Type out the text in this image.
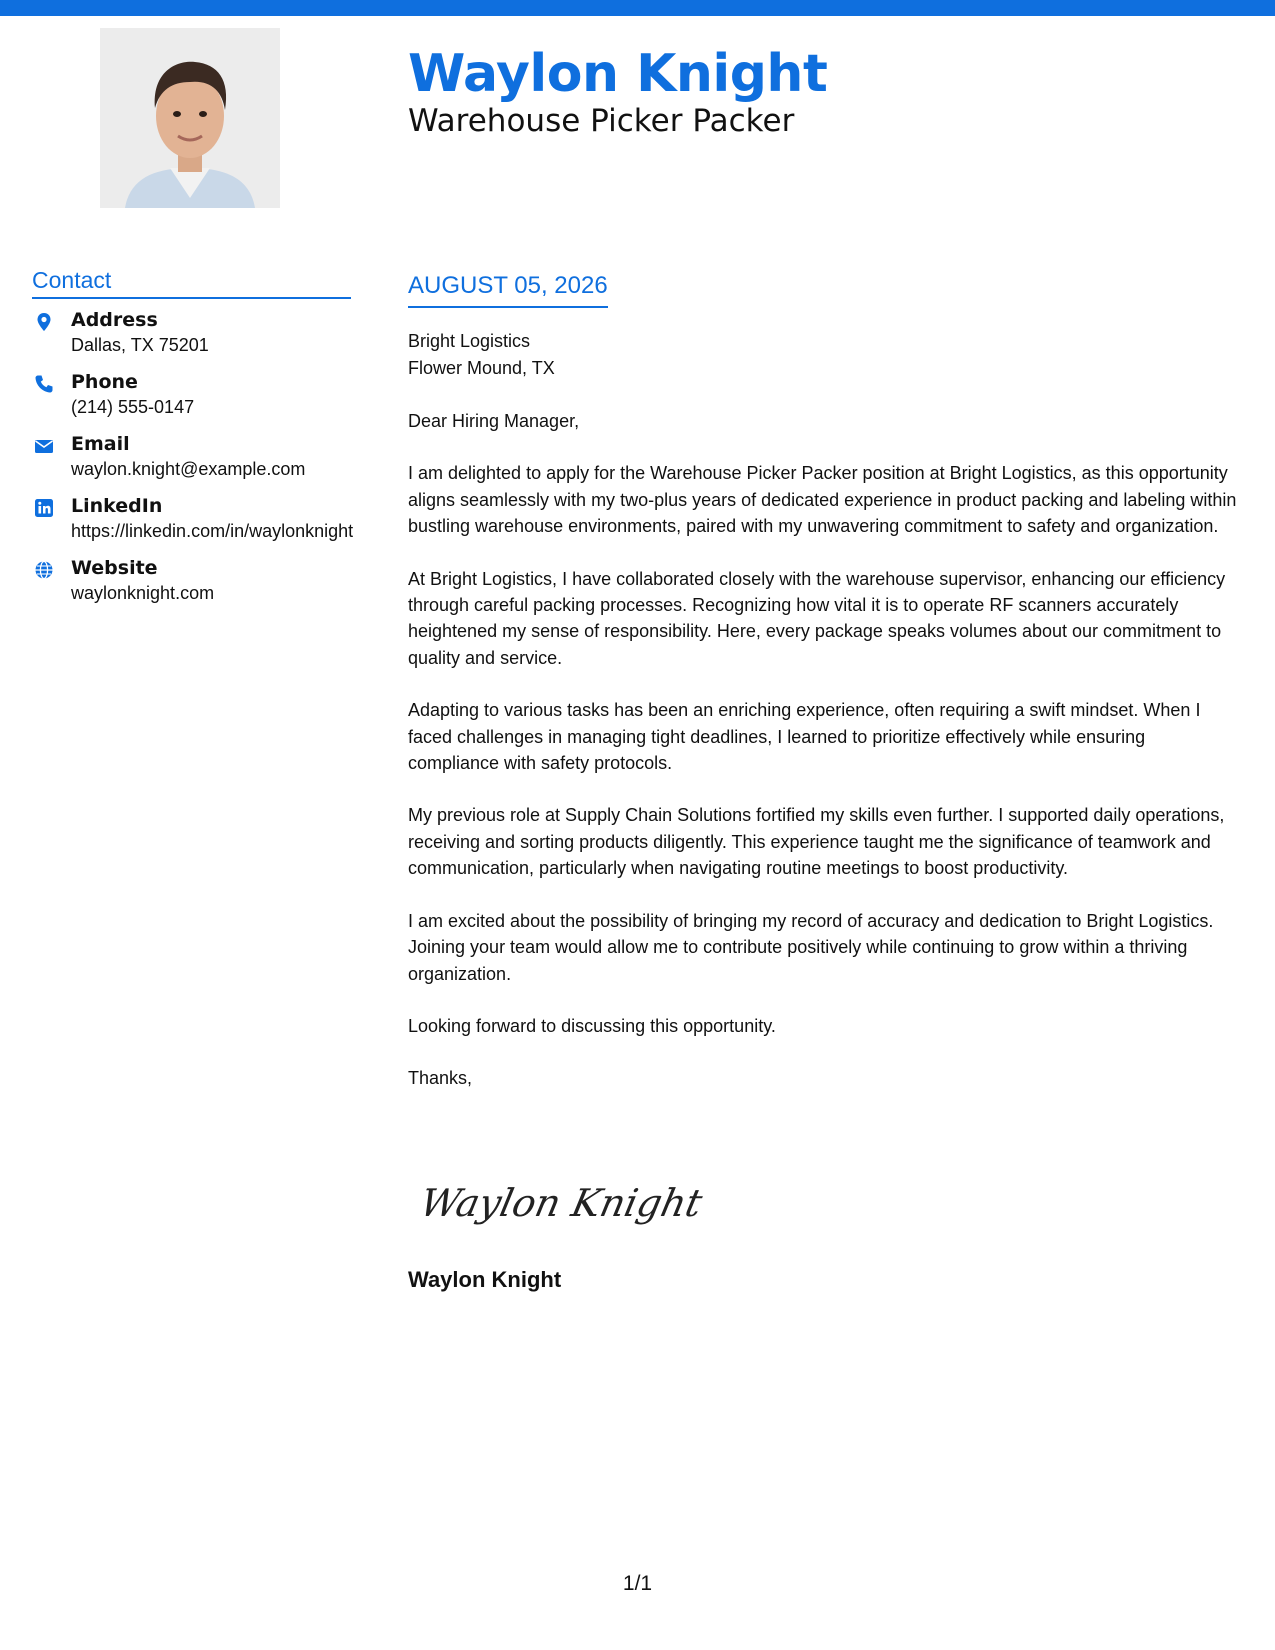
Waylon Knight
Warehouse Picker Packer
Contact
Address
Dallas, TX 75201
Phone
(214) 555-0147
Email
waylon.knight@example.com
LinkedIn
https://linkedin.com/in/waylonknight
Website
waylonknight.com
AUGUST 05, 2026
Bright Logistics
Flower Mound, TX

Dear Hiring Manager,

I am delighted to apply for the Warehouse Picker Packer position at Bright Logistics, as this opportunity aligns seamlessly with my two-plus years of dedicated experience in product packing and labeling within bustling warehouse environments, paired with my unwavering commitment to safety and organization.

At Bright Logistics, I have collaborated closely with the warehouse supervisor, enhancing our efficiency through careful packing processes. Recognizing how vital it is to operate RF scanners accurately heightened my sense of responsibility. Here, every package speaks volumes about our commitment to quality and service.

Adapting to various tasks has been an enriching experience, often requiring a swift mindset. When I faced challenges in managing tight deadlines, I learned to prioritize effectively while ensuring compliance with safety protocols.

My previous role at Supply Chain Solutions fortified my skills even further. I supported daily operations, receiving and sorting products diligently. This experience taught me the significance of teamwork and communication, particularly when navigating routine meetings to boost productivity.

I am excited about the possibility of bringing my record of accuracy and dedication to Bright Logistics. Joining your team would allow me to contribute positively while continuing to grow within a thriving organization.

Looking forward to discussing this opportunity.

Thanks,

Waylon Knight
Waylon Knight
1/1
